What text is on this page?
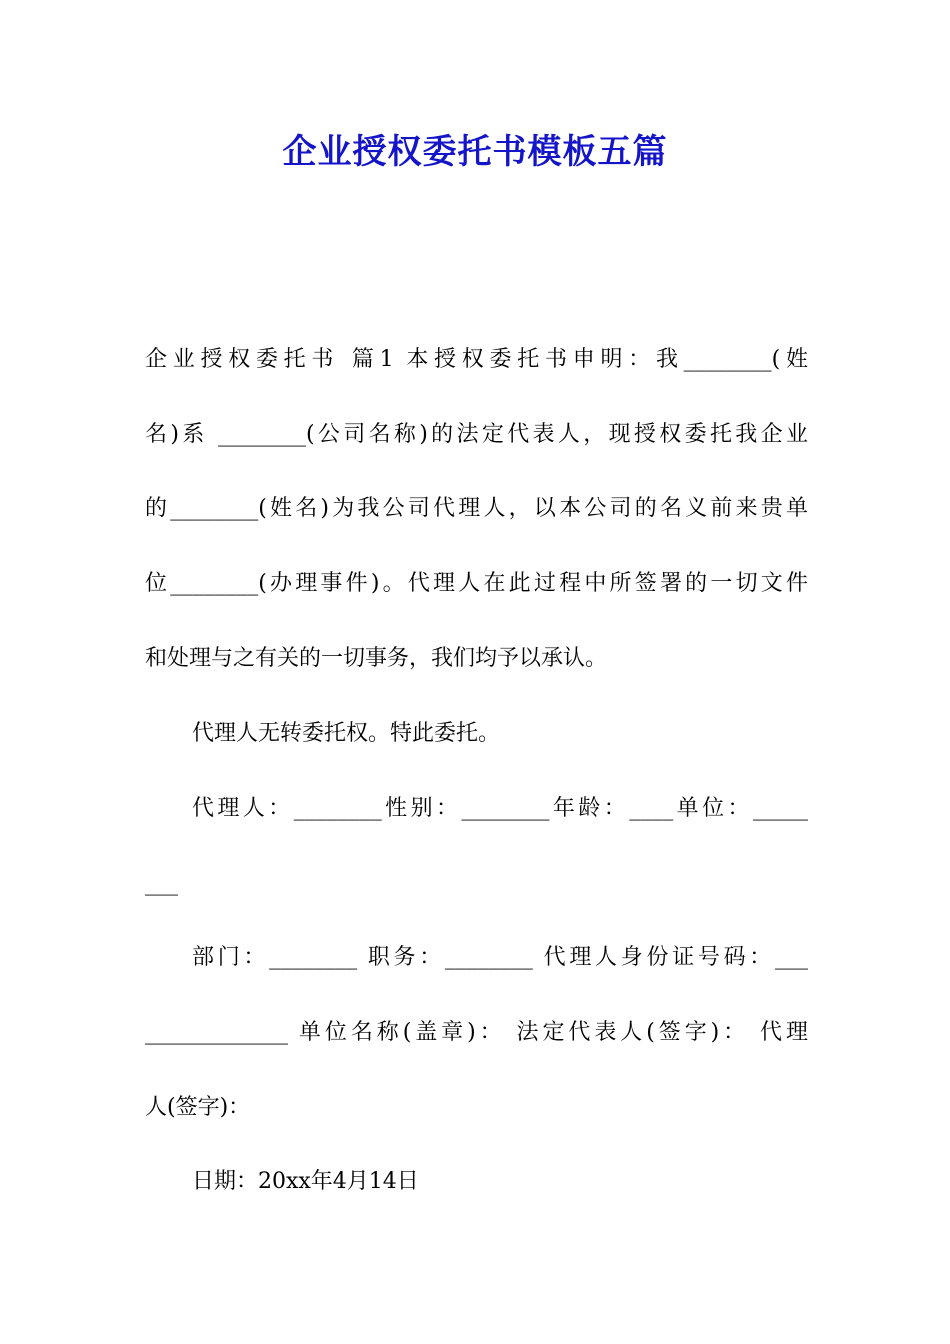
企业授权委托书模板五篇
企业授权委托书 篇1 本授权委托书申明：我________(姓
名)系 ________(公司名称)的法定代表人，现授权委托我企业
的________(姓名)为我公司代理人，以本公司的名义前来贵单
位________(办理事件)。代理人在此过程中所签署的一切文件
和处理与之有关的一切事务，我们均予以承认。
代理人无转委托权。特此委托。
代理人：________性别：________年龄：____单位：_____
___
部门：________ 职务：________ 代理人身份证号码：___
_____________ 单位名称(盖章)： 法定代表人(签字)： 代理
人(签字)：
日期：20xx年4月14日
